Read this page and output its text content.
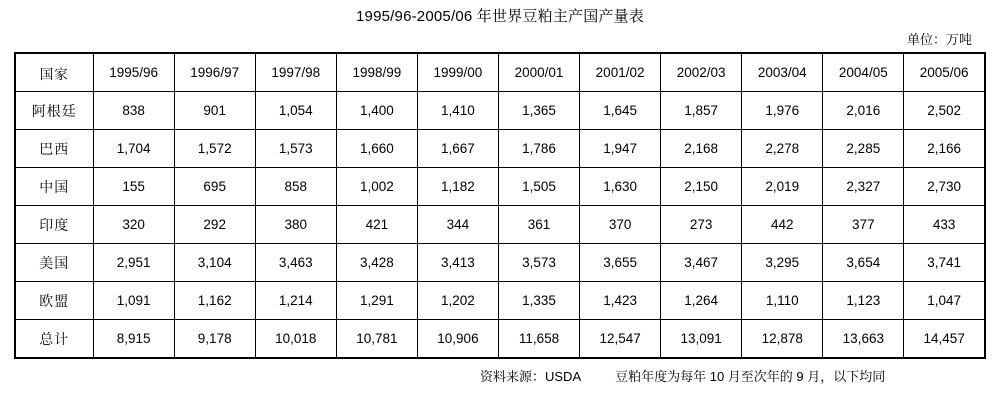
1995/96-2005/06 年世界豆粕主产国产量表
单位：万吨
国家	1995/96	1996/97	1997/98	1998/99	1999/00	2000/01	2001/02	2002/03	2003/04	2004/05	2005/06
阿根廷	838	901	1,054	1,400	1,410	1,365	1,645	1,857	1,976	2,016	2,502
巴西	1,704	1,572	1,573	1,660	1,667	1,786	1,947	2,168	2,278	2,285	2,166
中国	155	695	858	1,002	1,182	1,505	1,630	2,150	2,019	2,327	2,730
印度	320	292	380	421	344	361	370	273	442	377	433
美国	2,951	3,104	3,463	3,428	3,413	3,573	3,655	3,467	3,295	3,654	3,741
欧盟	1,091	1,162	1,214	1,291	1,202	1,335	1,423	1,264	1,110	1,123	1,047
总计	8,915	9,178	10,018	10,781	10,906	11,658	12,547	13,091	12,878	13,663	14,457
资料来源：USDA	豆粕年度为每年 10 月至次年的 9 月，以下均同
